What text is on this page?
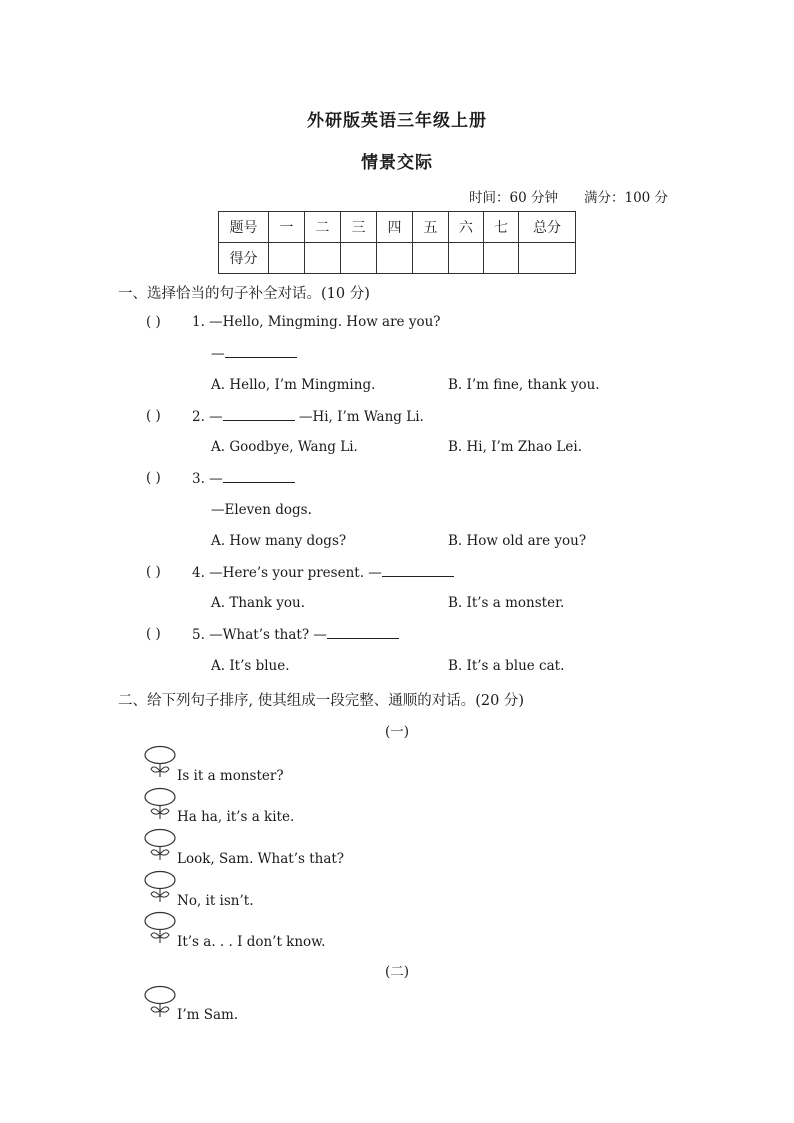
外研版英语三年级上册
情景交际
时间：60 分钟 满分：100 分
题号	一	二	三	四	五	六	七	总分
得分								
一、选择恰当的句子补全对话。(10 分)
( ) 1. —Hello, Mingming. How are you?
—
A. Hello, I’m Mingming.	B. I’m fine, thank you.
( ) 2. —	—Hi, I’m Wang Li.
A. Goodbye, Wang Li.	B. Hi, I’m Zhao Lei.
( ) 3. —
—Eleven dogs.
A. How many dogs?	B. How old are you?
( ) 4. —Here’s your present. —
A. Thank you.	B. It’s a monster.
( ) 5. —What’s that? —
A. It’s blue.	B. It’s a blue cat.
二、给下列句子排序, 使其组成一段完整、通顺的对话。(20 分)
(一)
Is it a monster?
Ha ha, it’s a kite.
Look, Sam. What’s that?
No, it isn’t.
It’s a. . . I don’t know.
(二)
I’m Sam.
